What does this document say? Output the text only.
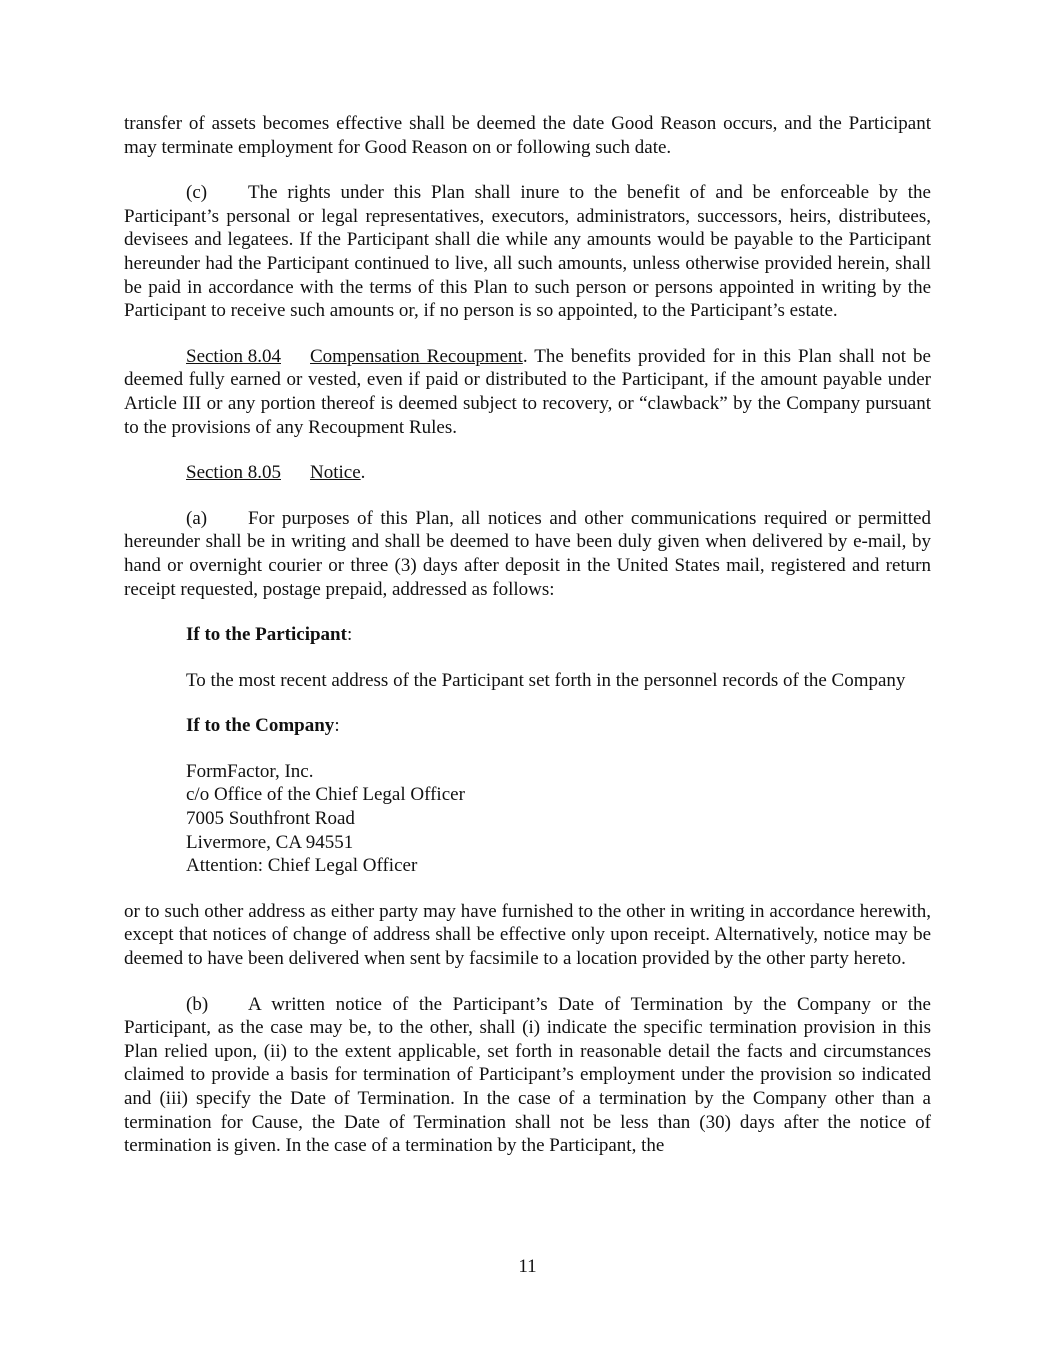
transfer of assets becomes effective shall be deemed the date Good Reason occurs, and the Participant may terminate employment for Good Reason on or following such date.

(c) The rights under this Plan shall inure to the benefit of and be enforceable by the Participant’s personal or legal representatives, executors, administrators, successors, heirs, distributees, devisees and legatees. If the Participant shall die while any amounts would be payable to the Participant hereunder had the Participant continued to live, all such amounts, unless otherwise provided herein, shall be paid in accordance with the terms of this Plan to such person or persons appointed in writing by the Participant to receive such amounts or, if no person is so appointed, to the Participant’s estate.

Section 8.04 Compensation Recoupment. The benefits provided for in this Plan shall not be deemed fully earned or vested, even if paid or distributed to the Participant, if the amount payable under Article III or any portion thereof is deemed subject to recovery, or “clawback” by the Company pursuant to the provisions of any Recoupment Rules.

Section 8.05 Notice.

(a) For purposes of this Plan, all notices and other communications required or permitted hereunder shall be in writing and shall be deemed to have been duly given when delivered by e-mail, by hand or overnight courier or three (3) days after deposit in the United States mail, registered and return receipt requested, postage prepaid, addressed as follows:

If to the Participant:

To the most recent address of the Participant set forth in the personnel records of the Company

If to the Company:

FormFactor, Inc.
c/o Office of the Chief Legal Officer
7005 Southfront Road
Livermore, CA 94551
Attention: Chief Legal Officer

or to such other address as either party may have furnished to the other in writing in accordance herewith, except that notices of change of address shall be effective only upon receipt. Alternatively, notice may be deemed to have been delivered when sent by facsimile to a location provided by the other party hereto.

(b) A written notice of the Participant’s Date of Termination by the Company or the Participant, as the case may be, to the other, shall (i) indicate the specific termination provision in this Plan relied upon, (ii) to the extent applicable, set forth in reasonable detail the facts and circumstances claimed to provide a basis for termination of Participant’s employment under the provision so indicated and (iii) specify the Date of Termination. In the case of a termination by the Company other than a termination for Cause, the Date of Termination shall not be less than (30) days after the notice of termination is given. In the case of a termination by the Participant, the

11
